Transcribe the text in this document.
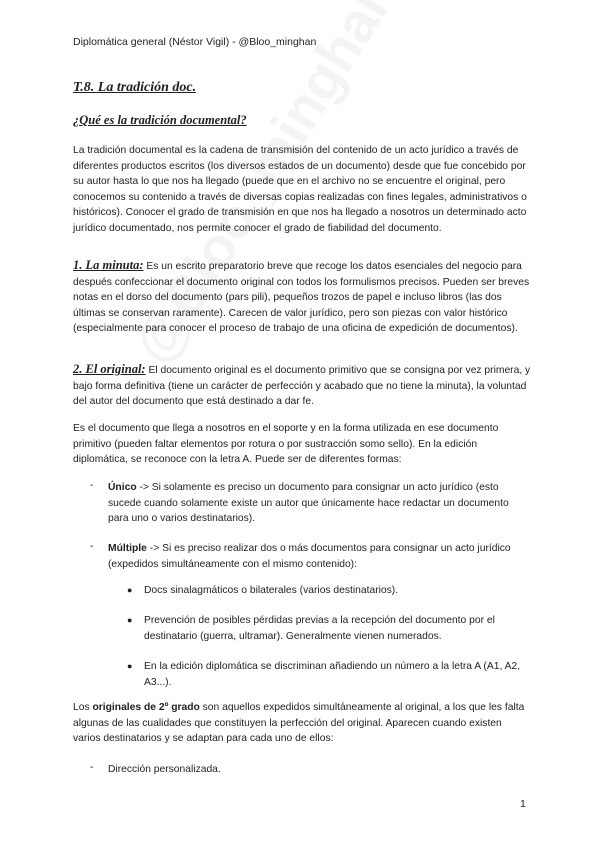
Diplomática general (Néstor Vigil) - @Bloo_minghan
T.8. La tradición doc.
¿Qué es la tradición documental?
La tradición documental es la cadena de transmisión del contenido de un acto jurídico a través de diferentes productos escritos (los diversos estados de un documento) desde que fue concebido por su autor hasta lo que nos ha llegado (puede que en el archivo no se encuentre el original, pero conocemos su contenido a través de diversas copias realizadas con fines legales, administrativos o históricos). Conocer el grado de transmisión en que nos ha llegado a nosotros un determinado acto jurídico documentado, nos permite conocer el grado de fiabilidad del documento.
1. La minuta: Es un escrito preparatorio breve que recoge los datos esenciales del negocio para después confeccionar el documento original con todos los formulismos precisos. Pueden ser breves notas en el dorso del documento (pars pili), pequeños trozos de papel e incluso libros (las dos últimas se conservan raramente). Carecen de valor jurídico, pero son piezas con valor histórico (especialmente para conocer el proceso de trabajo de una oficina de expedición de documentos).
2. El original: El documento original es el documento primitivo que se consigna por vez primera, y bajo forma definitiva (tiene un carácter de perfección y acabado que no tiene la minuta), la voluntad del autor del documento que está destinado a dar fe.
Es el documento que llega a nosotros en el soporte y en la forma utilizada en ese documento primitivo (pueden faltar elementos por rotura o por sustracción somo sello). En la edición diplomática, se reconoce con la letra A. Puede ser de diferentes formas:
- Único -> Si solamente es preciso un documento para consignar un acto jurídico (esto sucede cuando solamente existe un autor que únicamente hace redactar un documento para uno o varios destinatarios).
- Múltiple -> Si es preciso realizar dos o más documentos para consignar un acto jurídico (expedidos simultáneamente con el mismo contenido):
● Docs sinalagmáticos o bilaterales (varios destinatarios).
● Prevención de posibles pérdidas previas a la recepción del documento por el destinatario (guerra, ultramar). Generalmente vienen numerados.
● En la edición diplomática se discriminan añadiendo un número a la letra A (A1, A2, A3...).
Los originales de 2º grado son aquellos expedidos simultáneamente al original, a los que les falta algunas de las cualidades que constituyen la perfección del original. Aparecen cuando existen varios destinatarios y se adaptan para cada uno de ellos:
- Dirección personalizada.
1
